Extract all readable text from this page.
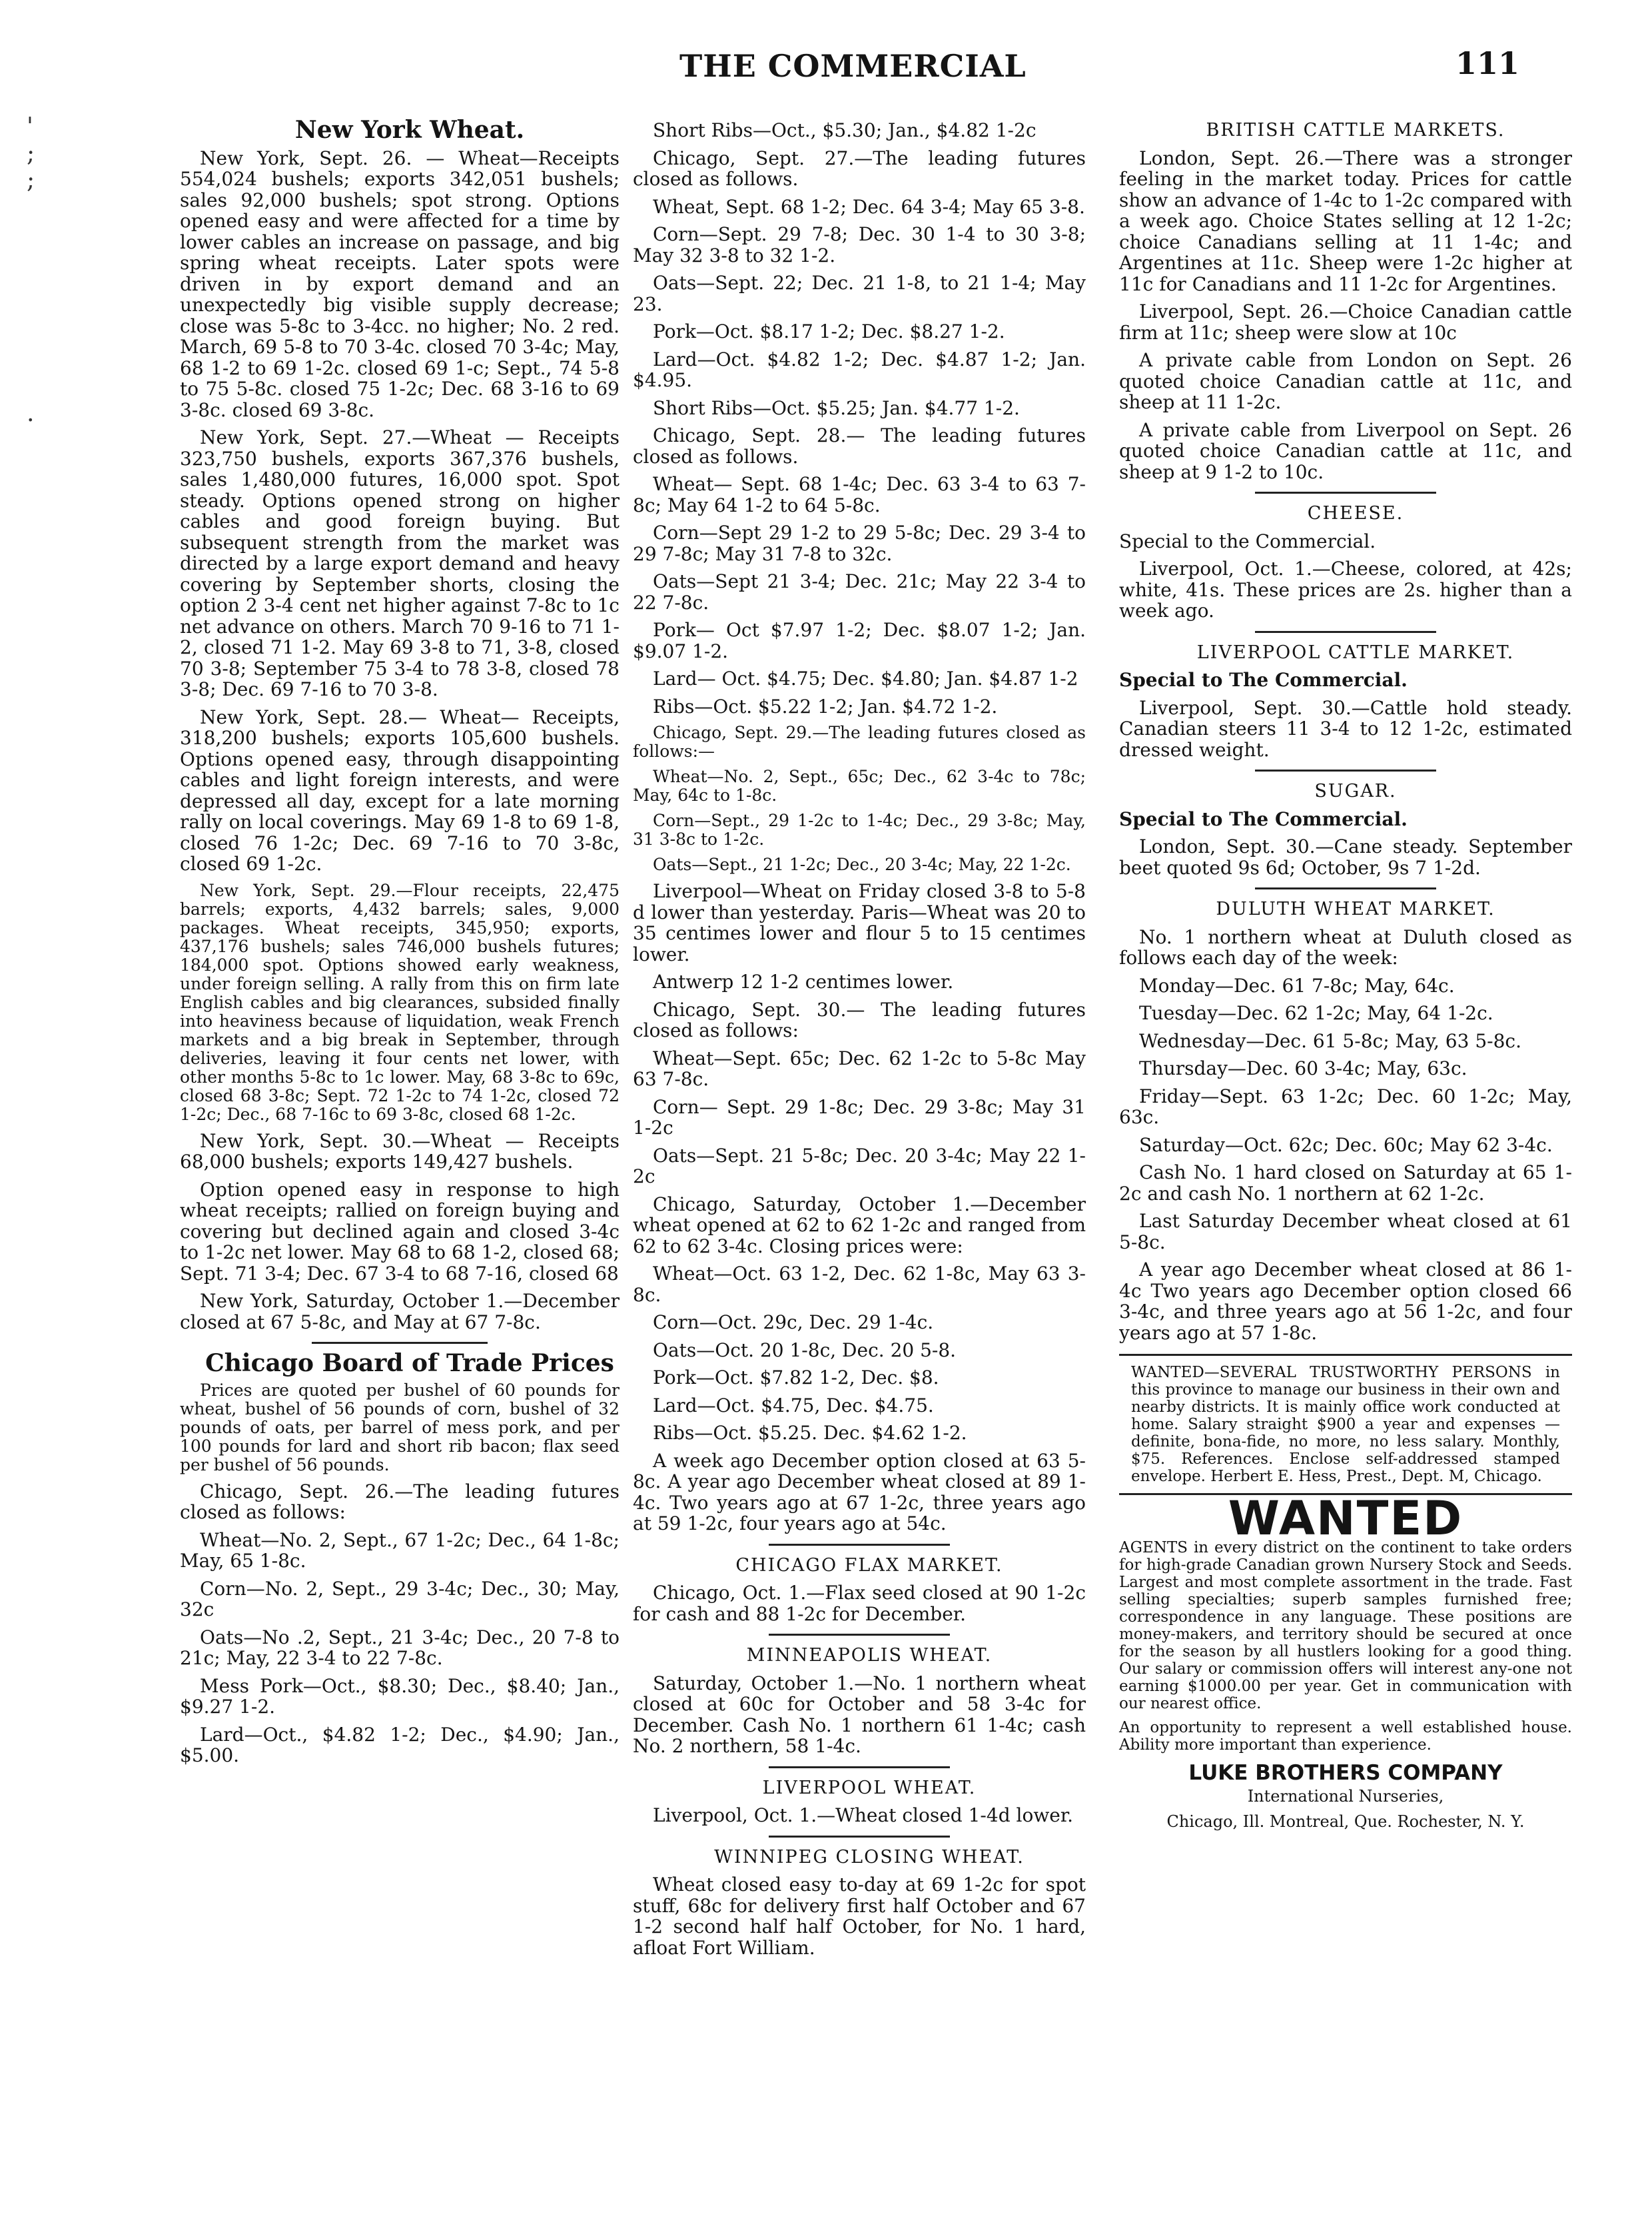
THE COMMERCIAL	111
'
;
;
.

New York Wheat.

New York, Sept. 26. — Wheat—Receipts 554,024 bushels; exports 342,051 bushels; sales 92,000 bushels; spot strong. Options opened easy and were affected for a time by lower cables an increase on passage, and big spring wheat receipts. Later spots were driven in by export demand and an unexpectedly big visible supply decrease; close was 5-8c to 3-4cc. no higher; No. 2 red. March, 69 5-8 to 70 3-4c. closed 70 3-4c; May, 68 1-2 to 69 1-2c. closed 69 1-c; Sept., 74 5-8 to 75 5-8c. closed 75 1-2c; Dec. 68 3-16 to 69 3-8c. closed 69 3-8c.

New York, Sept. 27.—Wheat — Receipts 323,750 bushels, exports 367,376 bushels, sales 1,480,000 futures, 16,000 spot. Spot steady. Options opened strong on higher cables and good foreign buying. But subsequent strength from the market was directed by a large export demand and heavy covering by September shorts, closing the option 2 3-4 cent net higher against 7-8c to 1c net advance on others. March 70 9-16 to 71 1-2, closed 71 1-2. May 69 3-8 to 71, 3-8, closed 70 3-8; September 75 3-4 to 78 3-8, closed 78 3-8; Dec. 69 7-16 to 70 3-8.

New York, Sept. 28.— Wheat— Receipts, 318,200 bushels; exports 105,600 bushels. Options opened easy, through disappointing cables and light foreign interests, and were depressed all day, except for a late morning rally on local coverings. May 69 1-8 to 69 1-8, closed 76 1-2c; Dec. 69 7-16 to 70 3-8c, closed 69 1-2c.

New York, Sept. 29.—Flour receipts, 22,475 barrels; exports, 4,432 barrels; sales, 9,000 packages. Wheat receipts, 345,950; exports, 437,176 bushels; sales 746,000 bushels futures; 184,000 spot. Options showed early weakness, under foreign selling. A rally from this on firm late English cables and big clearances, subsided finally into heaviness because of liquidation, weak French markets and a big break in September, through deliveries, leaving it four cents net lower, with other months 5-8c to 1c lower. May, 68 3-8c to 69c, closed 68 3-8c; Sept. 72 1-2c to 74 1-2c, closed 72 1-2c; Dec., 68 7-16c to 69 3-8c, closed 68 1-2c.

New York, Sept. 30.—Wheat — Receipts 68,000 bushels; exports 149,427 bushels.

Option opened easy in response to high wheat receipts; rallied on foreign buying and covering but declined again and closed 3-4c to 1-2c net lower. May 68 to 68 1-2, closed 68; Sept. 71 3-4; Dec. 67 3-4 to 68 7-16, closed 68

New York, Saturday, October 1.—December closed at 67 5-8c, and May at 67 7-8c.

Chicago Board of Trade Prices

Prices are quoted per bushel of 60 pounds for wheat, bushel of 56 pounds of corn, bushel of 32 pounds of oats, per barrel of mess pork, and per 100 pounds for lard and short rib bacon; flax seed per bushel of 56 pounds.

Chicago, Sept. 26.—The leading futures closed as follows:

Wheat—No. 2, Sept., 67 1-2c; Dec., 64 1-8c; May, 65 1-8c.

Corn—No. 2, Sept., 29 3-4c; Dec., 30; May, 32c

Oats—No .2, Sept., 21 3-4c; Dec., 20 7-8 to 21c; May, 22 3-4 to 22 7-8c.

Mess Pork—Oct., $8.30; Dec., $8.40; Jan., $9.27 1-2.

Lard—Oct., $4.82 1-2; Dec., $4.90; Jan., $5.00.

Short Ribs—Oct., $5.30; Jan., $4.82 1-2c

Chicago, Sept. 27.—The leading futures closed as follows.

Wheat, Sept. 68 1-2; Dec. 64 3-4; May 65 3-8.

Corn—Sept. 29 7-8; Dec. 30 1-4 to 30 3-8; May 32 3-8 to 32 1-2.

Oats—Sept. 22; Dec. 21 1-8, to 21 1-4; May 23.

Pork—Oct. $8.17 1-2; Dec. $8.27 1-2.

Lard—Oct. $4.82 1-2; Dec. $4.87 1-2; Jan. $4.95.

Short Ribs—Oct. $5.25; Jan. $4.77 1-2.

Chicago, Sept. 28.— The leading futures closed as follows.

Wheat— Sept. 68 1-4c; Dec. 63 3-4 to 63 7-8c; May 64 1-2 to 64 5-8c.

Corn—Sept 29 1-2 to 29 5-8c; Dec. 29 3-4 to 29 7-8c; May 31 7-8 to 32c.

Oats—Sept 21 3-4; Dec. 21c; May 22 3-4 to 22 7-8c.

Pork— Oct $7.97 1-2; Dec. $8.07 1-2; Jan. $9.07 1-2.

Lard— Oct. $4.75; Dec. $4.80; Jan. $4.87 1-2

Ribs—Oct. $5.22 1-2; Jan. $4.72 1-2.

Chicago, Sept. 29.—The leading futures closed as follows:—

Wheat—No. 2, Sept., 65c; Dec., 62 3-4c to 78c; May, 64c to 1-8c.

Corn—Sept., 29 1-2c to 1-4c; Dec., 29 3-8c; May, 31 3-8c to 1-2c.

Oats—Sept., 21 1-2c; Dec., 20 3-4c; May, 22 1-2c.

Liverpool—Wheat on Friday closed 3-8 to 5-8 d lower than yesterday. Paris—Wheat was 20 to 35 centimes lower and flour 5 to 15 centimes lower.

Antwerp 12 1-2 centimes lower.

Chicago, Sept. 30.— The leading futures closed as follows:

Wheat—Sept. 65c; Dec. 62 1-2c to 5-8c May 63 7-8c.

Corn— Sept. 29 1-8c; Dec. 29 3-8c; May 31 1-2c

Oats—Sept. 21 5-8c; Dec. 20 3-4c; May 22 1-2c

Chicago, Saturday, October 1.—December wheat opened at 62 to 62 1-2c and ranged from 62 to 62 3-4c. Closing prices were:

Wheat—Oct. 63 1-2, Dec. 62 1-8c, May 63 3-8c.

Corn—Oct. 29c, Dec. 29 1-4c.

Oats—Oct. 20 1-8c, Dec. 20 5-8.

Pork—Oct. $7.82 1-2, Dec. $8.

Lard—Oct. $4.75, Dec. $4.75.

Ribs—Oct. $5.25. Dec. $4.62 1-2.

A week ago December option closed at 63 5-8c. A year ago December wheat closed at 89 1-4c. Two years ago at 67 1-2c, three years ago at 59 1-2c, four years ago at 54c.

CHICAGO FLAX MARKET.

Chicago, Oct. 1.—Flax seed closed at 90 1-2c for cash and 88 1-2c for December.

MINNEAPOLIS WHEAT.

Saturday, October 1.—No. 1 northern wheat closed at 60c for October and 58 3-4c for December. Cash No. 1 northern 61 1-4c; cash No. 2 northern, 58 1-4c.

LIVERPOOL WHEAT.

Liverpool, Oct. 1.—Wheat closed 1-4d lower.

WINNIPEG CLOSING WHEAT.

Wheat closed easy to-day at 69 1-2c for spot stuff, 68c for delivery first half October and 67 1-2 second half half October, for No. 1 hard, afloat Fort William.

BRITISH CATTLE MARKETS.

London, Sept. 26.—There was a stronger feeling in the market today. Prices for cattle show an advance of 1-4c to 1-2c compared with a week ago. Choice States selling at 12 1-2c; choice Canadians selling at 11 1-4c; and Argentines at 11c. Sheep were 1-2c higher at 11c for Canadians and 11 1-2c for Argentines.

Liverpool, Sept. 26.—Choice Canadian cattle firm at 11c; sheep were slow at 10c

A private cable from London on Sept. 26 quoted choice Canadian cattle at 11c, and sheep at 11 1-2c.

A private cable from Liverpool on Sept. 26 quoted choice Canadian cattle at 11c, and sheep at 9 1-2 to 10c.

CHEESE.

Special to the Commercial.

Liverpool, Oct. 1.—Cheese, colored, at 42s; white, 41s. These prices are 2s. higher than a week ago.

LIVERPOOL CATTLE MARKET.

Special to The Commercial.

Liverpool, Sept. 30.—Cattle hold steady. Canadian steers 11 3-4 to 12 1-2c, estimated dressed weight.

SUGAR.

Special to The Commercial.

London, Sept. 30.—Cane steady. September beet quoted 9s 6d; October, 9s 7 1-2d.

DULUTH WHEAT MARKET.

No. 1 northern wheat at Duluth closed as follows each day of the week:

Monday—Dec. 61 7-8c; May, 64c.

Tuesday—Dec. 62 1-2c; May, 64 1-2c.

Wednesday—Dec. 61 5-8c; May, 63 5-8c.

Thursday—Dec. 60 3-4c; May, 63c.

Friday—Sept. 63 1-2c; Dec. 60 1-2c; May, 63c.

Saturday—Oct. 62c; Dec. 60c; May 62 3-4c.

Cash No. 1 hard closed on Saturday at 65 1-2c and cash No. 1 northern at 62 1-2c.

Last Saturday December wheat closed at 61 5-8c.

A year ago December wheat closed at 86 1-4c Two years ago December option closed 66 3-4c, and three years ago at 56 1-2c, and four years ago at 57 1-8c.

WANTED—SEVERAL TRUSTWORTHY PERSONS in this province to manage our business in their own and nearby districts. It is mainly office work conducted at home. Salary straight $900 a year and expenses — definite, bona-fide, no more, no less salary. Monthly, $75. References. Enclose self-addressed stamped envelope. Herbert E. Hess, Prest., Dept. M, Chicago.

WANTED

AGENTS in every district on the continent to take orders for high-grade Canadian grown Nursery Stock and Seeds. Largest and most complete assortment in the trade. Fast selling specialties; superb samples furnished free; correspondence in any language. These positions are money-makers, and territory should be secured at once for the season by all hustlers looking for a good thing. Our salary or commission offers will interest any-one not earning $1000.00 per year. Get in communication with our nearest office.

An opportunity to represent a well established house. Ability more important than experience.

LUKE BROTHERS COMPANY
International Nurseries,
Chicago, Ill. Montreal, Que. Rochester, N. Y.
